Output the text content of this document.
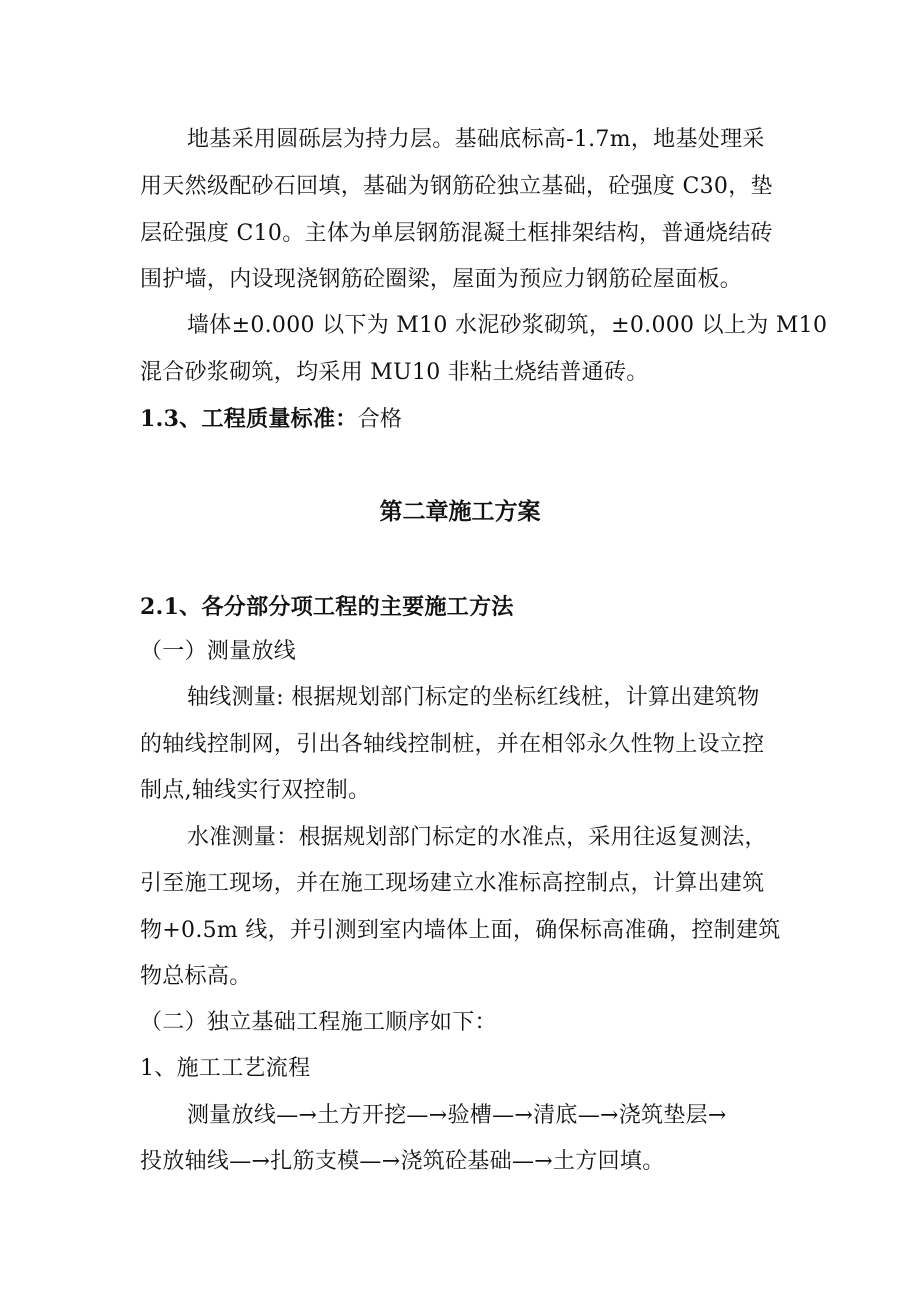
地基采用圆砾层为持力层。基础底标高-1.7m，地基处理采
用天然级配砂石回填，基础为钢筋砼独立基础，砼强度 C30，垫
层砼强度 C10。主体为单层钢筋混凝土框排架结构，普通烧结砖
围护墙，内设现浇钢筋砼圈梁，屋面为预应力钢筋砼屋面板。
墙体±0.000 以下为 M10 水泥砂浆砌筑，±0.000 以上为 M10
混合砂浆砌筑，均采用 MU10 非粘土烧结普通砖。
1.3、工程质量标准：合格
第二章施工方案
2.1、各分部分项工程的主要施工方法
（一）测量放线
轴线测量: 根据规划部门标定的坐标红线桩，计算出建筑物
的轴线控制网，引出各轴线控制桩，并在相邻永久性物上设立控
制点,轴线实行双控制。
水准测量：根据规划部门标定的水准点，采用往返复测法，
引至施工现场，并在施工现场建立水准标高控制点，计算出建筑
物+0.5m 线，并引测到室内墙体上面，确保标高准确，控制建筑
物总标高。
（二）独立基础工程施工顺序如下：
1、施工工艺流程
测量放线—→土方开挖—→验槽—→清底—→浇筑垫层→
投放轴线—→扎筋支模—→浇筑砼基础—→土方回填。
